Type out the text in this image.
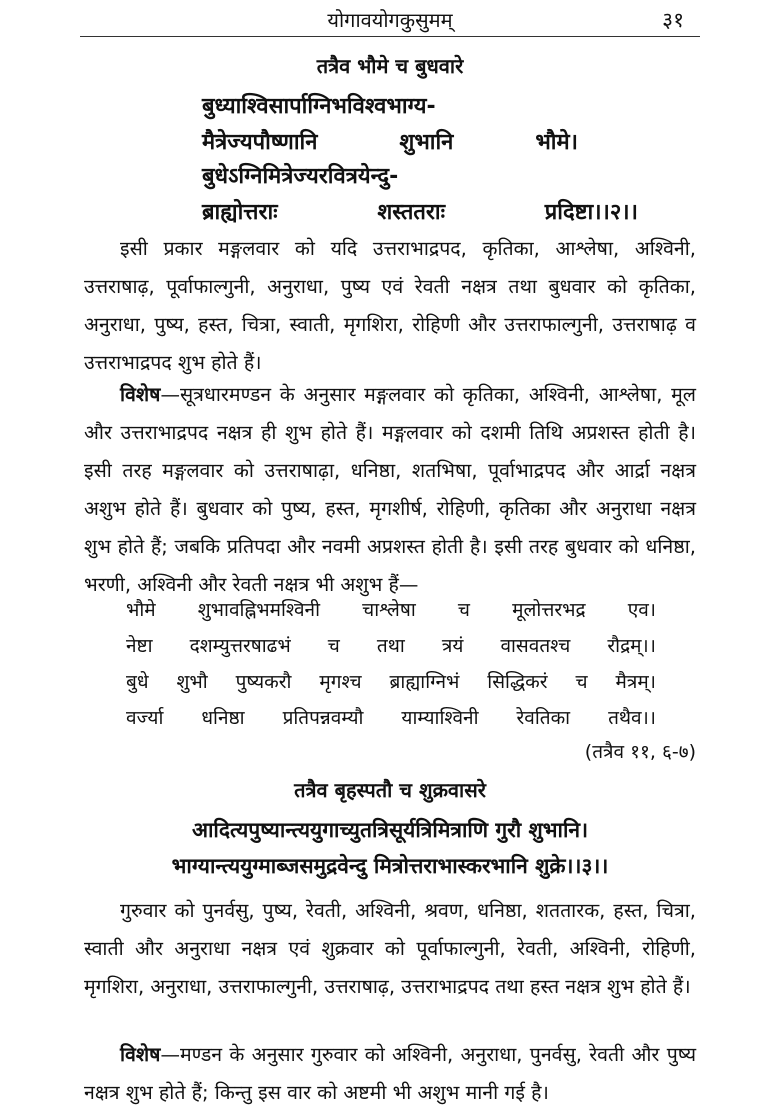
योगावयोगकुसुमम्	३१
तत्रैव भौमे च बुधवारे
बुध्याश्विसार्पाग्निभविश्वभाग्य-
मैत्रेज्यपौष्णानि	शुभानि	भौमे।
बुधेऽग्निमित्रेज्यरवित्रयेन्दु-
ब्राह्योत्तराः	शस्ततराः	प्रदिष्टा।।२।।
इसी प्रकार मङ्गलवार को यदि उत्तराभाद्रपद, कृतिका, आश्लेषा, अश्विनी, उत्तराषाढ़, पूर्वाफाल्गुनी, अनुराधा, पुष्य एवं रेवती नक्षत्र तथा बुधवार को कृतिका, अनुराधा, पुष्य, हस्त, चित्रा, स्वाती, मृगशिरा, रोहिणी और उत्तराफाल्गुनी, उत्तराषाढ़ व उत्तराभाद्रपद शुभ होते हैं।
विशेष—सूत्रधारमण्डन के अनुसार मङ्गलवार को कृतिका, अश्विनी, आश्लेषा, मूल और उत्तराभाद्रपद नक्षत्र ही शुभ होते हैं। मङ्गलवार को दशमी तिथि अप्रशस्त होती है। इसी तरह मङ्गलवार को उत्तराषाढ़ा, धनिष्ठा, शतभिषा, पूर्वाभाद्रपद और आर्द्रा नक्षत्र अशुभ होते हैं। बुधवार को पुष्य, हस्त, मृगशीर्ष, रोहिणी, कृतिका और अनुराधा नक्षत्र शुभ होते हैं; जबकि प्रतिपदा और नवमी अप्रशस्त होती है। इसी तरह बुधवार को धनिष्ठा, भरणी, अश्विनी और रेवती नक्षत्र भी अशुभ हैं—
भौमे शुभावह्निभमश्विनी चाश्लेषा च मूलोत्तरभद्र एव।
नेष्टा दशम्युत्तरषाढभं च तथा त्रयं वासवतश्च रौद्रम्।।
बुधे शुभौ पुष्यकरौ मृगश्च ब्राह्याग्निभं सिद्धिकरं च मैत्रम्।
वर्ज्या धनिष्ठा प्रतिपन्नवम्यौ याम्याश्विनी रेवतिका तथैव।।
(तत्रैव ११, ६-७)
तत्रैव बृहस्पतौ च शुक्रवासरे
आदित्यपुष्यान्त्ययुगाच्युतत्रिसूर्यत्रिमित्राणि गुरौ शुभानि।
भाग्यान्त्ययुग्माब्जसमुद्रवेन्दु मित्रोत्तराभास्करभानि शुक्रे।।३।।
गुरुवार को पुनर्वसु, पुष्य, रेवती, अश्विनी, श्रवण, धनिष्ठा, शततारक, हस्त, चित्रा, स्वाती और अनुराधा नक्षत्र एवं शुक्रवार को पूर्वाफाल्गुनी, रेवती, अश्विनी, रोहिणी, मृगशिरा, अनुराधा, उत्तराफाल्गुनी, उत्तराषाढ़, उत्तराभाद्रपद तथा हस्त नक्षत्र शुभ होते हैं।
विशेष—मण्डन के अनुसार गुरुवार को अश्विनी, अनुराधा, पुनर्वसु, रेवती और पुष्य नक्षत्र शुभ होते हैं; किन्तु इस वार को अष्टमी भी अशुभ मानी गई है।
